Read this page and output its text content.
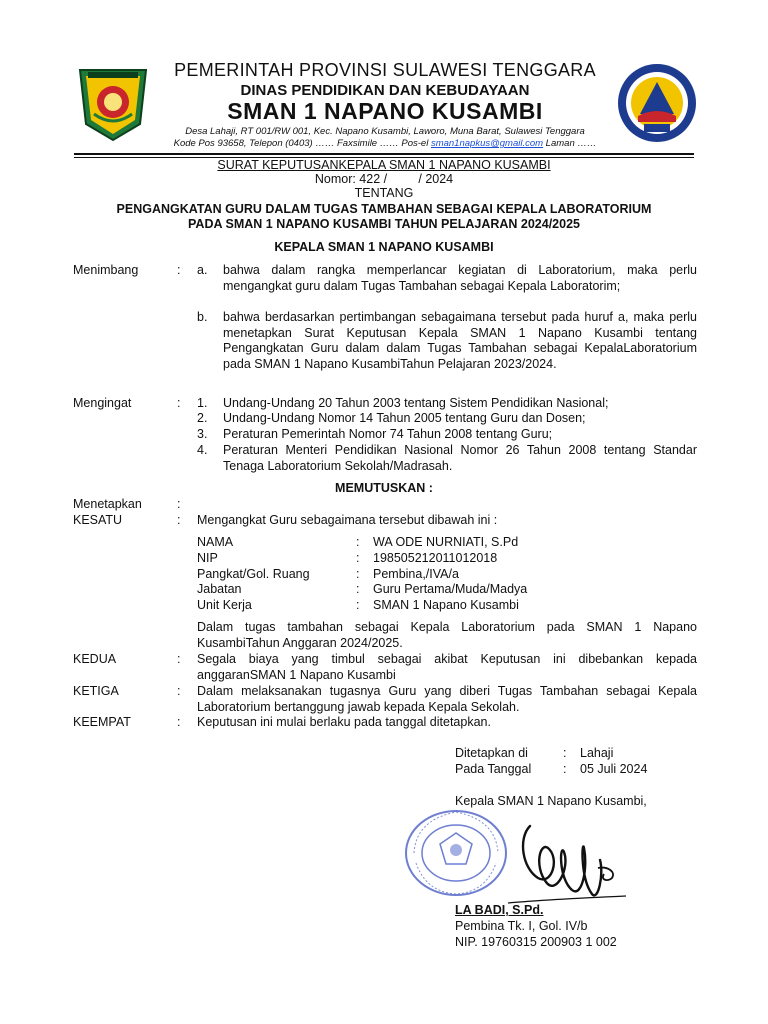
PEMERINTAH PROVINSI SULAWESI TENGGARA
DINAS PENDIDIKAN DAN KEBUDAYAAN
SMAN 1 NAPANO KUSAMBI
Desa Lahaji, RT 001/RW 001, Kec. Napano Kusambi, Laworo, Muna Barat, Sulawesi Tenggara
Kode Pos 93658, Telepon (0403) …… Faxsimile …… Pos-el sman1napkus@gmail.com Laman ……
SURAT KEPUTUSANKEPALA SMAN 1 NAPANO KUSAMBI
Nomor: 422 /         / 2024
TENTANG
PENGANGKATAN GURU DALAM TUGAS TAMBAHAN SEBAGAI KEPALA LABORATORIUM
PADA SMAN 1 NAPANO KUSAMBI TAHUN PELAJARAN 2024/2025
KEPALA SMAN 1 NAPANO KUSAMBI
Menimbang	: a. bahwa dalam rangka memperlancar kegiatan di Laboratorium, maka perlu mengangkat guru dalam Tugas Tambahan sebagai Kepala Laboratorim;
b. bahwa berdasarkan pertimbangan sebagaimana tersebut pada huruf a, maka perlu menetapkan Surat Keputusan Kepala SMAN 1 Napano Kusambi tentang Pengangkatan Guru dalam dalam Tugas Tambahan sebagai KepalaLaboratorium pada SMAN 1 Napano KusambiTahun Pelajaran 2023/2024.
Mengingat	: 1. Undang-Undang 20 Tahun 2003 tentang Sistem Pendidikan Nasional;
2. Undang-Undang Nomor 14 Tahun 2005 tentang Guru dan Dosen;
3. Peraturan Pemerintah Nomor 74 Tahun 2008 tentang Guru;
4. Peraturan Menteri Pendidikan Nasional Nomor 26 Tahun 2008 tentang Standar Tenaga Laboratorium Sekolah/Madrasah.
MEMUTUSKAN :
Menetapkan	:
KESATU	: Mengangkat Guru sebagaimana tersebut dibawah ini :
NAMA	: WA ODE NURNIATI, S.Pd
NIP	: 198505212011012018
Pangkat/Gol. Ruang	: Pembina,/IVA/a
Jabatan	: Guru Pertama/Muda/Madya
Unit Kerja	: SMAN 1 Napano Kusambi
Dalam tugas tambahan sebagai Kepala Laboratorium pada SMAN 1 Napano KusambiTahun Anggaran 2024/2025.
KEDUA	: Segala biaya yang timbul sebagai akibat Keputusan ini dibebankan kepada anggaranSMAN 1 Napano Kusambi
KETIGA	: Dalam melaksanakan tugasnya Guru yang diberi Tugas Tambahan sebagai Kepala Laboratorium bertanggung jawab kepada Kepala Sekolah.
KEEMPAT	: Keputusan ini mulai berlaku pada tanggal ditetapkan.
Ditetapkan di	: Lahaji
Pada Tanggal	: 05 Juli 2024
Kepala SMAN 1 Napano Kusambi,
LA BADI, S.Pd.
Pembina Tk. I, Gol. IV/b
NIP. 19760315 200903 1 002
